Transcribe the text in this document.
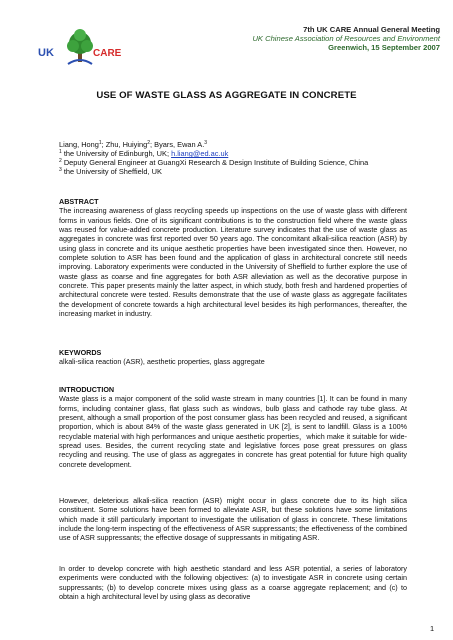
UK	CARE
7th UK CARE Annual General Meeting
UK Chinese Association of Resources and Environment
Greenwich, 15 September 2007
USE OF WASTE GLASS AS AGGREGATE IN CONCRETE
Liang, Hong$^1$; Zhu, Huiying$^2$; Byars, Ewan A.$^3$
$^1$ the University of Edinburgh, UK; h.liang@ed.ac.uk
$^2$ Deputy General Engineer at GuangXi Research & Design Institute of Building Science, China
$^3$ the University of Sheffield, UK
ABSTRACT
The increasing awareness of glass recycling speeds up inspections on the use of waste glass with different forms in various fields. One of its significant contributions is to the construction field where the waste glass was reused for value-added concrete production. Literature survey indicates that the use of waste glass as aggregates in concrete was first reported over 50 years ago. The concomitant alkali-silica reaction (ASR) by using glass in concrete and its unique aesthetic properties have been investigated since then. However, no complete solution to ASR has been found and the application of glass in architectural concrete still needs improving. Laboratory experiments were conducted in the University of Sheffield to further explore the use of waste glass as coarse and fine aggregates for both ASR alleviation as well as the decorative purpose in concrete. This paper presents mainly the latter aspect, in which study, both fresh and hardened properties of architectural concrete were tested. Results demonstrate that the use of waste glass as aggregate facilitates the development of concrete towards a high architectural level besides its high performances, thereafter, the increasing market in industry.
KEYWORDS
alkali-silica reaction (ASR), aesthetic properties, glass aggregate
INTRODUCTION
Waste glass is a major component of the solid waste stream in many countries [1]. It can be found in many forms, including container glass, flat glass such as windows, bulb glass and cathode ray tube glass. At present, although a small proportion of the post consumer glass has been recycled and reused, a significant proportion, which is about 84% of the waste glass generated in UK [2], is sent to landfill. Glass is a 100% recyclable material with high performances and unique aesthetic properties，which make it suitable for wide-spread uses. Besides, the current recycling state and legislative forces pose great pressures on glass recycling and reusing. The use of glass as aggregates in concrete has great potential for future high quality concrete development.
However, deleterious alkali-silica reaction (ASR) might occur in glass concrete due to its high silica constituent. Some solutions have been formed to alleviate ASR, but these solutions have some limitations which made it still particularly important to investigate the utilisation of glass in concrete. These limitations include the long-term inspecting of the effectiveness of ASR suppressants; the effectiveness of the combined use of ASR suppressants; the effective dosage of suppressants in mitigating ASR.
In order to develop concrete with high aesthetic standard and less ASR potential, a series of laboratory experiments were conducted with the following objectives: (a) to investigate ASR in concrete using certain suppressants; (b) to develop concrete mixes using glass as a coarse aggregate replacement; and (c) to obtain a high architectural level by using glass as decorative
1
